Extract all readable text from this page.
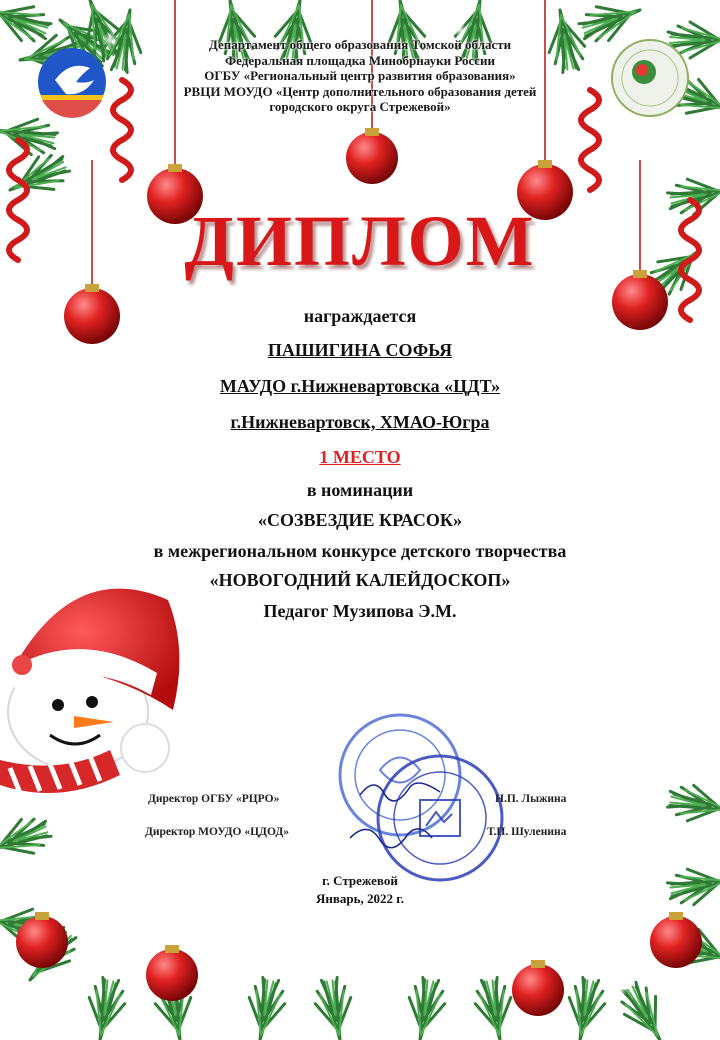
Департамент общего образования Томской области
Федеральная площадка Минобрнауки России
ОГБУ «Региональный центр развития образования»
РВЦИ МОУДО «Центр дополнительного образования детей
городского округа Стрежевой»
ДИПЛОМ
награждается
ПАШИГИНА СОФЬЯ
МАУДО г.Нижневартовска «ЦДТ»
г.Нижневартовск, ХМАО-Югра
1 МЕСТО
в номинации
«СОЗВЕЗДИЕ КРАСОК»
в межрегиональном конкурсе детского творчества
«НОВОГОДНИЙ КАЛЕЙДОСКОП»
Педагог Музипова Э.М.
Директор ОГБУ «РЦРО»	Н.П. Лыжина
Директор МОУДО «ЦДОД»	Т.П. Шуленина
г. Стрежевой
Январь, 2022 г.
